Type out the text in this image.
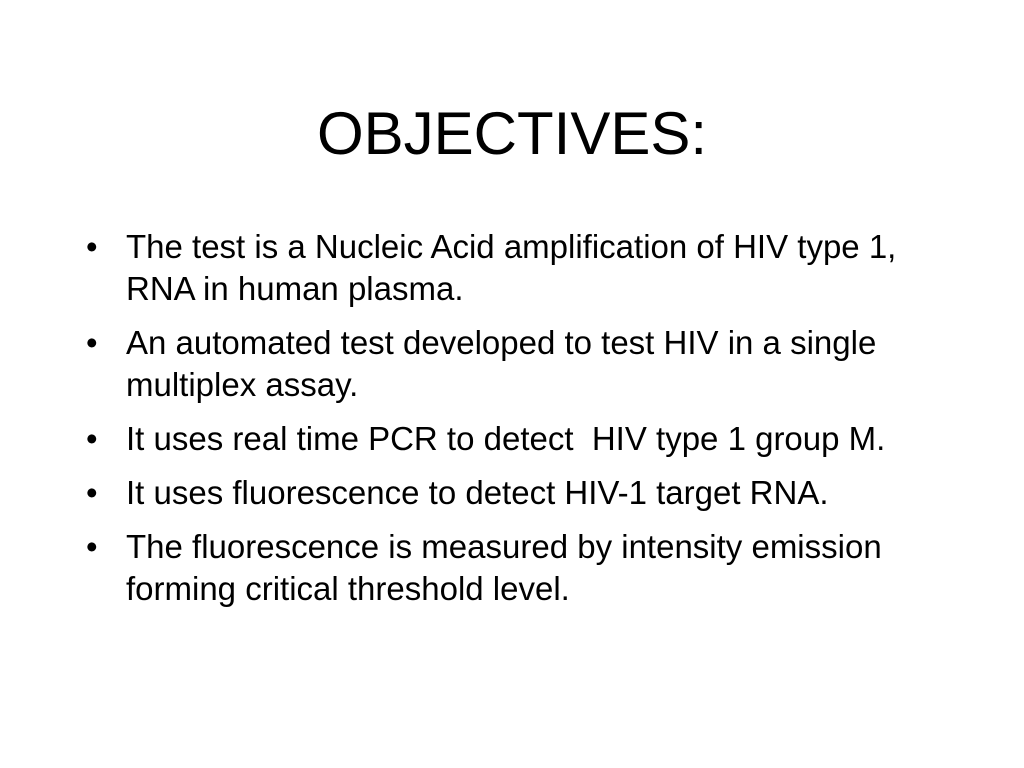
OBJECTIVES:
• The test is a Nucleic Acid amplification of HIV type 1, RNA in human plasma.
• An automated test developed to test HIV in a single multiplex assay.
• It uses real time PCR to detect  HIV type 1 group M.
• It uses fluorescence to detect HIV-1 target RNA.
• The fluorescence is measured by intensity emission forming critical threshold level.
